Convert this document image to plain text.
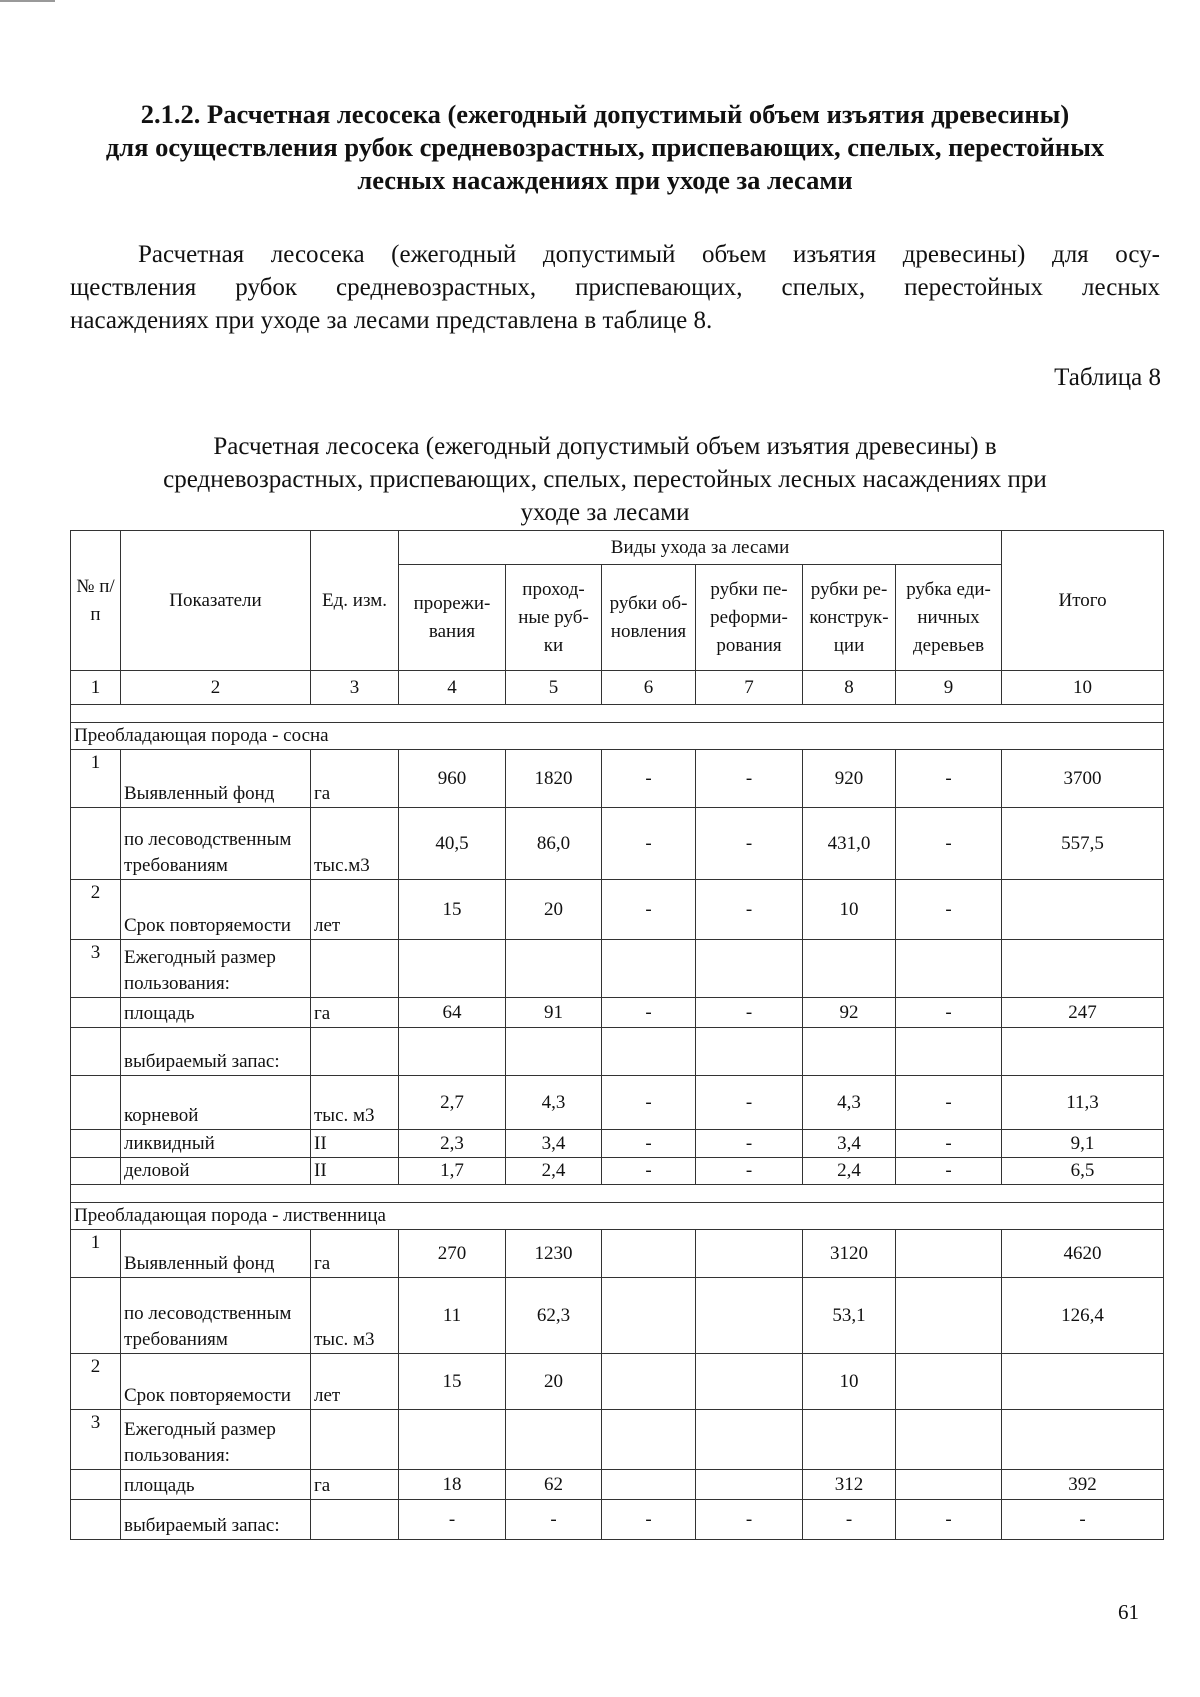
2.1.2. Расчетная лесосека (ежегодный допустимый объем изъятия древесины)
для осуществления рубок средневозрастных, приспевающих, спелых, перестойных
лесных насаждениях при уходе за лесами
Расчетная лесосека (ежегодный допустимый объем изъятия древесины) для осу-
ществления рубок средневозрастных, приспевающих, спелых, перестойных лесных
насаждениях при уходе за лесами представлена в таблице 8.
Таблица 8
Расчетная лесосека (ежегодный допустимый объем изъятия древесины) в
средневозрастных, приспевающих, спелых, перестойных лесных насаждениях при
уходе за лесами
№ п/п	Показатели	Ед. изм.	Виды ухода за лесами						Итого
			прорежи-вания	проход-ные руб-ки	рубки об-новления	рубки пе-реформи-рования	рубки ре-конструк-ции	рубка еди-ничных деревьев	
1	2	3	4	5	6	7	8	9	10

Преобладающая порода - сосна									
1	Выявленный фонд	га	960	1820	-	-	920	-	3700
	по лесоводственным требованиям	тыс.м3	40,5	86,0	-	-	431,0	-	557,5
2	Срок повторяемости	лет	15	20	-	-	10	-	
3	Ежегодный размер пользования:								
	площадь	га	64	91	-	-	92	-	247
	выбираемый запас:								
	корневой	тыс. м3	2,7	4,3	-	-	4,3	-	11,3
	ликвидный	II	2,3	3,4	-	-	3,4	-	9,1
	деловой	II	1,7	2,4	-	-	2,4	-	6,5

Преобладающая порода - лиственница									
1	Выявленный фонд	га	270	1230			3120		4620
	по лесоводственным требованиям	тыс. м3	11	62,3			53,1		126,4
2	Срок повторяемости	лет	15	20			10		
3	Ежегодный размер пользования:								
	площадь	га	18	62			312		392
	выбираемый запас:		-	-	-	-	-	-	-
61
